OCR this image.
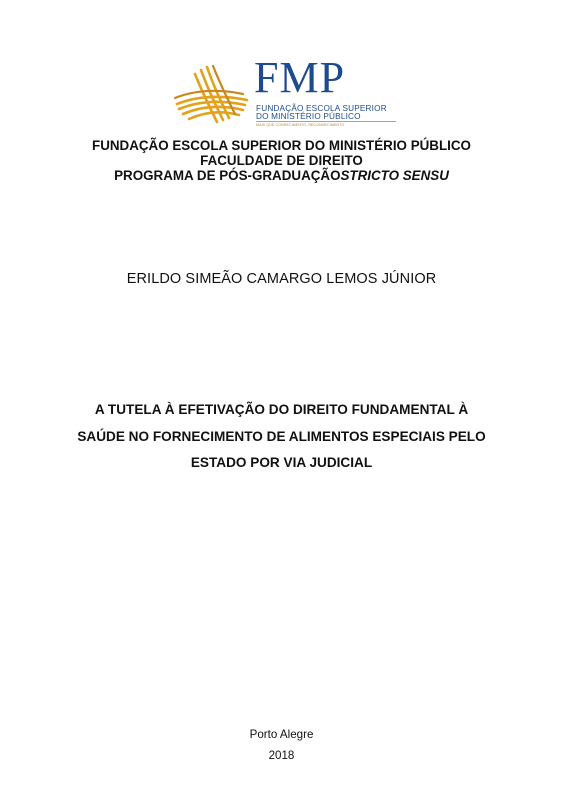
FMP
FUNDAÇÃO ESCOLA SUPERIOR
DO MINISTÉRIO PÚBLICO
MAIS QUE CONHECIMENTO, RECONHECIMENTO.
FUNDAÇÃO ESCOLA SUPERIOR DO MINISTÉRIO PÚBLICO
FACULDADE DE DIREITO
PROGRAMA DE PÓS-GRADUAÇÃOSTRICTO SENSU
ERILDO SIMEÃO CAMARGO LEMOS JÚNIOR
A TUTELA À EFETIVAÇÃO DO DIREITO FUNDAMENTAL À
SAÚDE NO FORNECIMENTO DE ALIMENTOS ESPECIAIS PELO
ESTADO POR VIA JUDICIAL
Porto Alegre
2018
